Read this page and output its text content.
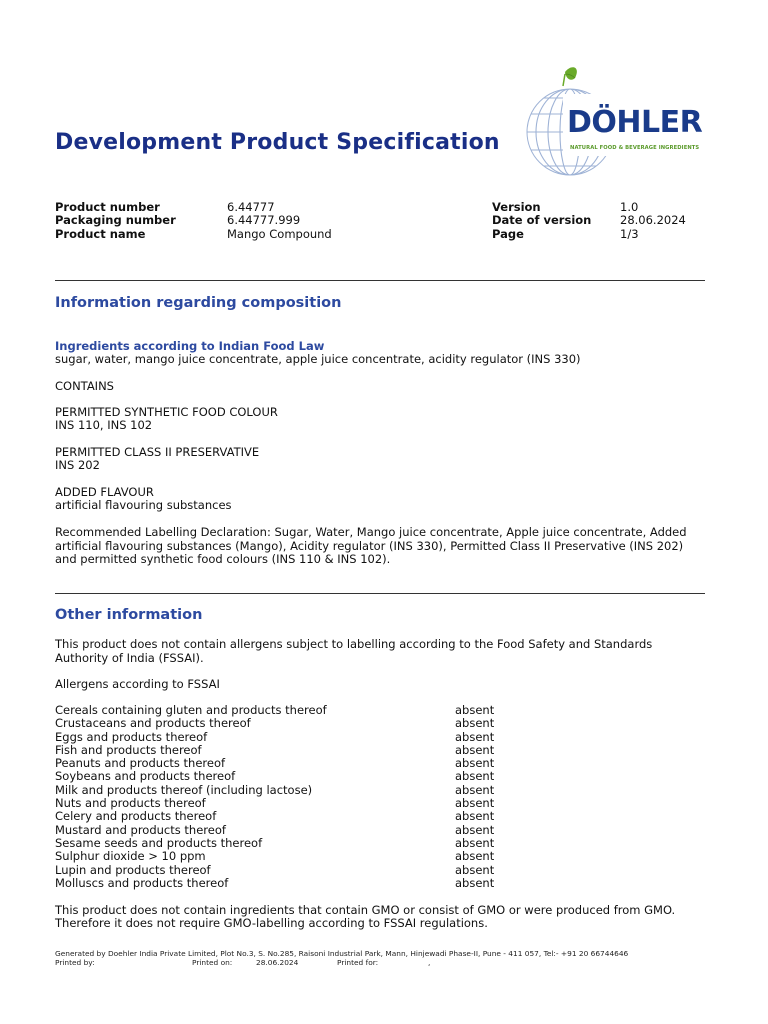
Development Product Specification
DÖHLER
NATURAL FOOD & BEVERAGE INGREDIENTS
Product number	6.44777
Packaging number	6.44777.999
Product name	Mango Compound
Version	1.0
Date of version 28.06.2024
Page	1/3
Information regarding composition
Ingredients according to Indian Food Law
sugar, water, mango juice concentrate, apple juice concentrate, acidity regulator (INS 330)
CONTAINS
PERMITTED SYNTHETIC FOOD COLOUR
INS 110, INS 102
PERMITTED CLASS II PRESERVATIVE
INS 202
ADDED FLAVOUR
artificial flavouring substances
Recommended Labelling Declaration: Sugar, Water, Mango juice concentrate, Apple juice concentrate, Added
artificial flavouring substances (Mango), Acidity regulator (INS 330), Permitted Class II Preservative (INS 202)
and permitted synthetic food colours (INS 110 & INS 102).
Other information
This product does not contain allergens subject to labelling according to the Food Safety and Standards
Authority of India (FSSAI).
Allergens according to FSSAI
Cereals containing gluten and products thereof	absent
Crustaceans and products thereof	absent
Eggs and products thereof	absent
Fish and products thereof	absent
Peanuts and products thereof	absent
Soybeans and products thereof	absent
Milk and products thereof (including lactose)	absent
Nuts and products thereof	absent
Celery and products thereof	absent
Mustard and products thereof	absent
Sesame seeds and products thereof	absent
Sulphur dioxide > 10 ppm	absent
Lupin and products thereof	absent
Molluscs and products thereof	absent
This product does not contain ingredients that contain GMO or consist of GMO or were produced from GMO.
Therefore it does not require GMO-labelling according to FSSAI regulations.
Generated by Doehler India Private Limited, Plot No.3, S. No.285, Raisoni Industrial Park, Mann, Hinjewadi Phase-II, Pune - 411 057, Tel:- +91 20 66744646
Printed by:	Printed on:	28.06.2024	Printed for:	,
